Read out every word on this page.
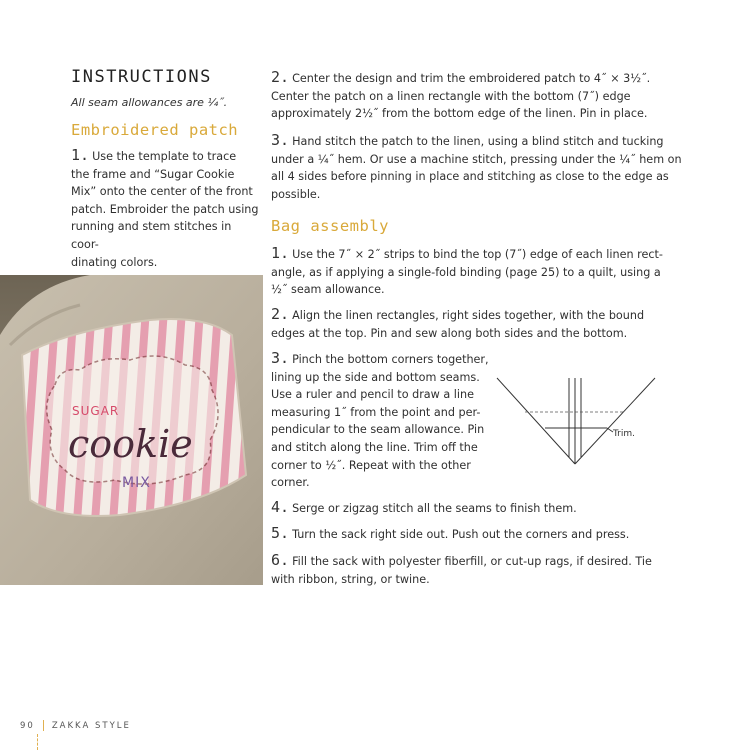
INSTRUCTIONS
All seam allowances are ¼˝.
Embroidered patch
1. Use the template to trace
the frame and “Sugar Cookie
Mix” onto the center of the front
patch. Embroider the patch using
running and stem stitches in coor-
dinating colors.
2. Center the design and trim the embroidered patch to 4˝ × 3½˝.
Center the patch on a linen rectangle with the bottom (7˝) edge
approximately 2½˝ from the bottom edge of the linen. Pin in place.
3. Hand stitch the patch to the linen, using a blind stitch and tucking
under a ¼˝ hem. Or use a machine stitch, pressing under the ¼˝ hem on
all 4 sides before pinning in place and stitching as close to the edge as
possible.
Bag assembly
1. Use the 7˝ × 2˝ strips to bind the top (7˝) edge of each linen rect-
angle, as if applying a single-fold binding (page 25) to a quilt, using a
½˝ seam allowance.
2. Align the linen rectangles, right sides together, with the bound
edges at the top. Pin and sew along both sides and the bottom.
3. Pinch the bottom corners together,
lining up the side and bottom seams.
Use a ruler and pencil to draw a line
measuring 1˝ from the point and per-
pendicular to the seam allowance. Pin
and stitch along the line. Trim off the
corner to ½˝. Repeat with the other
corner.
4. Serge or zigzag stitch all the seams to finish them.
5. Turn the sack right side out. Push out the corners and press.
6. Fill the sack with polyester fiberfill, or cut-up rags, if desired. Tie
with ribbon, string, or twine.
SUGAR
cookie
MIX
Trim.
90 ZAKKA STYLE
